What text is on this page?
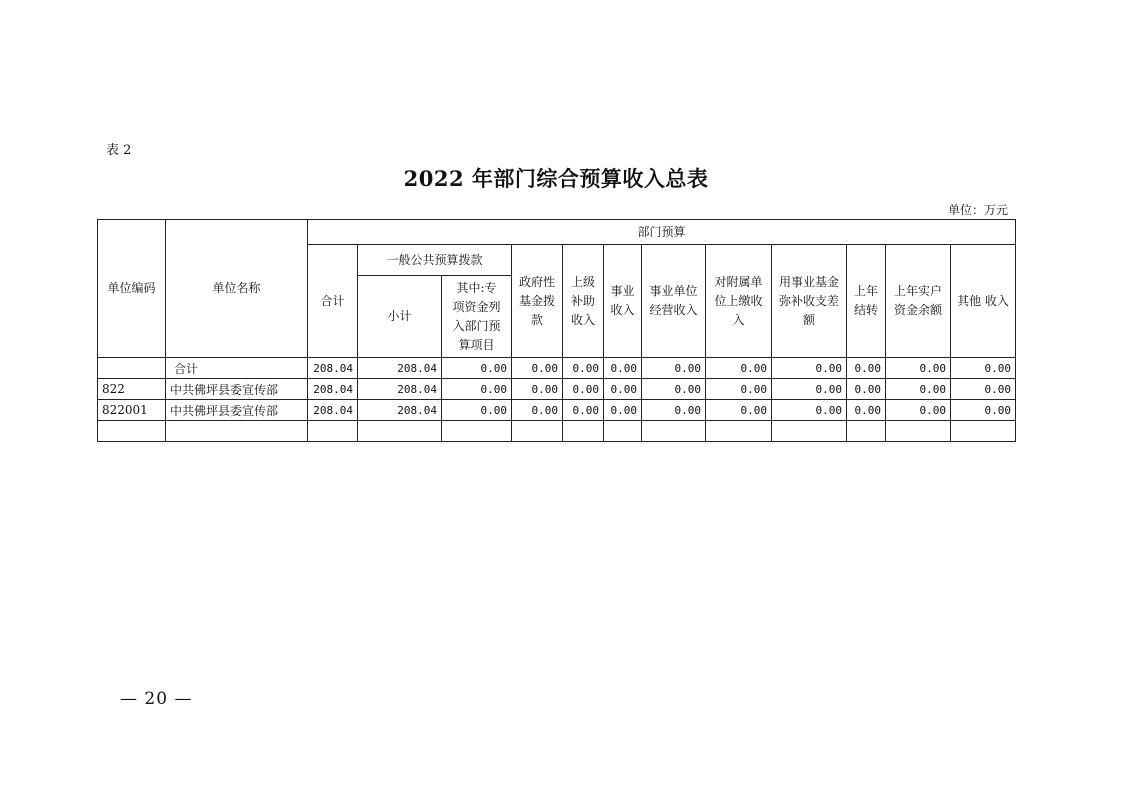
表 2
2022 年部门综合预算收入总表
单位：万元
单位编码	单位名称	部门预算											
		合计	一般公共预算拨款		政府性基金拨款	上级补助收入	事业收入	事业单位经营收入	对附属单位上缴收入	用事业基金弥补收支差额	上年结转	上年实户资金余额	其他 收入
			小计	其中:专项资金列入部门预算项目									
	合计	208.04	208.04	0.00	0.00	0.00	0.00	0.00	0.00	0.00	0.00	0.00	0.00
822	中共佛坪县委宣传部	208.04	208.04	0.00	0.00	0.00	0.00	0.00	0.00	0.00	0.00	0.00	0.00
822001	中共佛坪县委宣传部	208.04	208.04	0.00	0.00	0.00	0.00	0.00	0.00	0.00	0.00	0.00	0.00

— 20 —
